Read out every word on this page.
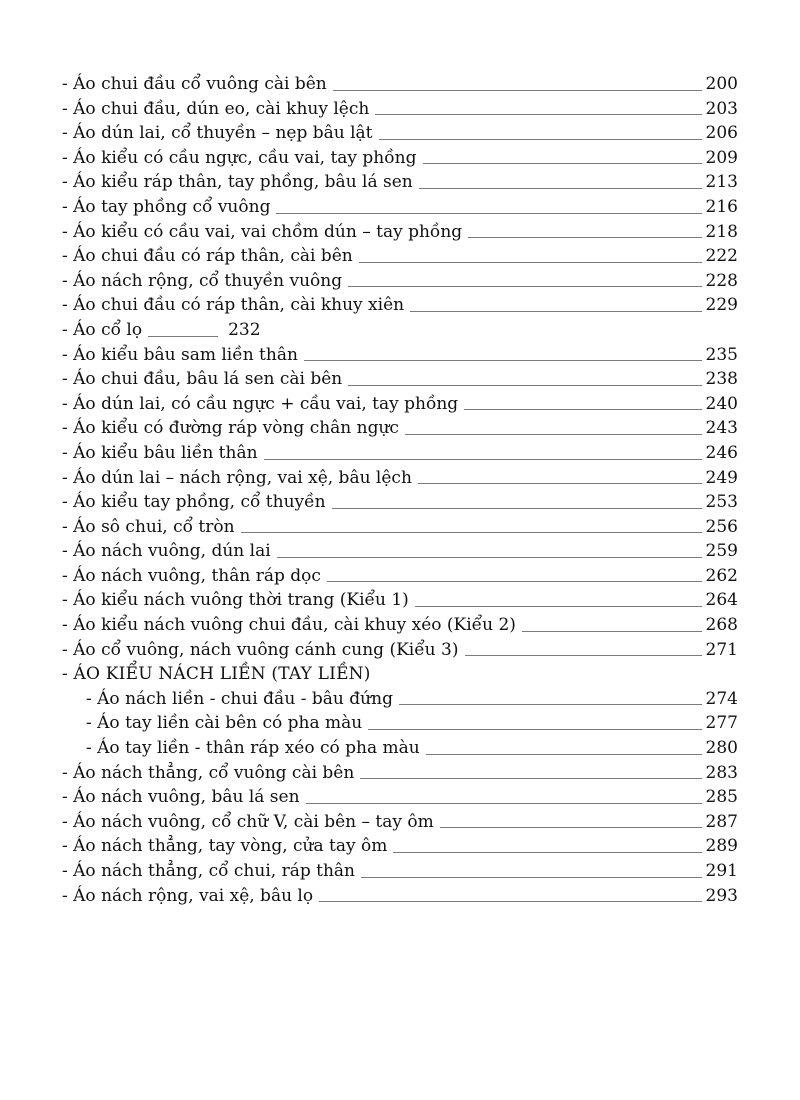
- Áo chui đầu cổ vuông cài bên	200
- Áo chui đầu, dún eo, cài khuy lệch	203
- Áo dún lai, cổ thuyền – nẹp bâu lật	206
- Áo kiểu có cầu ngực, cầu vai, tay phồng	209
- Áo kiểu ráp thân, tay phồng, bâu lá sen	213
- Áo tay phồng cổ vuông	216
- Áo kiểu có cầu vai, vai chồm dún – tay phồng	218
- Áo chui đầu có ráp thân, cài bên	222
- Áo nách rộng, cổ thuyền vuông	228
- Áo chui đầu có ráp thân, cài khuy xiên	229
- Áo cổ lọ	232
- Áo kiểu bâu sam liền thân	235
- Áo chui đầu, bâu lá sen cài bên	238
- Áo dún lai, có cầu ngực + cầu vai, tay phồng	240
- Áo kiểu có đường ráp vòng chân ngực	243
- Áo kiểu bâu liền thân	246
- Áo dún lai – nách rộng, vai xệ, bâu lệch	249
- Áo kiểu tay phồng, cổ thuyền	253
- Áo sô chui, cổ tròn	256
- Áo nách vuông, dún lai	259
- Áo nách vuông, thân ráp dọc	262
- Áo kiểu nách vuông thời trang (Kiểu 1)	264
- Áo kiểu nách vuông chui đầu, cài khuy xéo (Kiểu 2)	268
- Áo cổ vuông, nách vuông cánh cung (Kiểu 3)	271
- ÁO KIỂU NÁCH LIỀN (TAY LIỀN)
- Áo nách liền - chui đầu - bâu đứng	274
- Áo tay liền cài bên có pha màu	277
- Áo tay liền - thân ráp xéo có pha màu	280
- Áo nách thẳng, cổ vuông cài bên	283
- Áo nách vuông, bâu lá sen	285
- Áo nách vuông, cổ chữ V, cài bên – tay ôm	287
- Áo nách thẳng, tay vòng, cửa tay ôm	289
- Áo nách thẳng, cổ chui, ráp thân	291
- Áo nách rộng, vai xệ, bâu lọ	293
